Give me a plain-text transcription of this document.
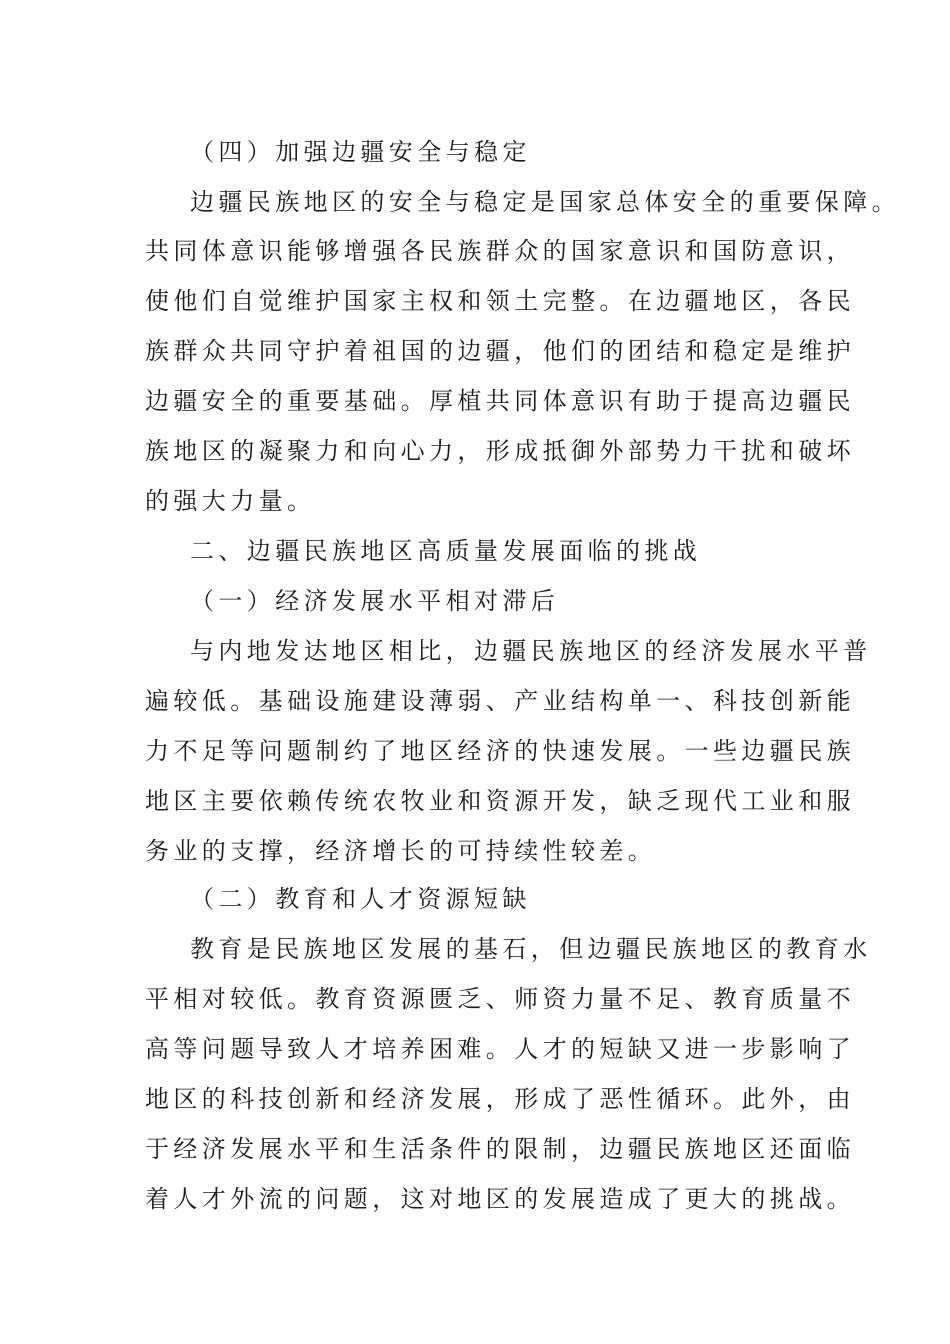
（四）加强边疆安全与稳定

边疆民族地区的安全与稳定是国家总体安全的重要保障。

共同体意识能够增强各民族群众的国家意识和国防意识，

使他们自觉维护国家主权和领土完整。在边疆地区，各民

族群众共同守护着祖国的边疆，他们的团结和稳定是维护

边疆安全的重要基础。厚植共同体意识有助于提高边疆民

族地区的凝聚力和向心力，形成抵御外部势力干扰和破坏

的强大力量。

二、边疆民族地区高质量发展面临的挑战

（一）经济发展水平相对滞后

与内地发达地区相比，边疆民族地区的经济发展水平普

遍较低。基础设施建设薄弱、产业结构单一、科技创新能

力不足等问题制约了地区经济的快速发展。一些边疆民族

地区主要依赖传统农牧业和资源开发，缺乏现代工业和服

务业的支撑，经济增长的可持续性较差。

（二）教育和人才资源短缺

教育是民族地区发展的基石，但边疆民族地区的教育水

平相对较低。教育资源匮乏、师资力量不足、教育质量不

高等问题导致人才培养困难。人才的短缺又进一步影响了

地区的科技创新和经济发展，形成了恶性循环。此外，由

于经济发展水平和生活条件的限制，边疆民族地区还面临

着人才外流的问题，这对地区的发展造成了更大的挑战。
